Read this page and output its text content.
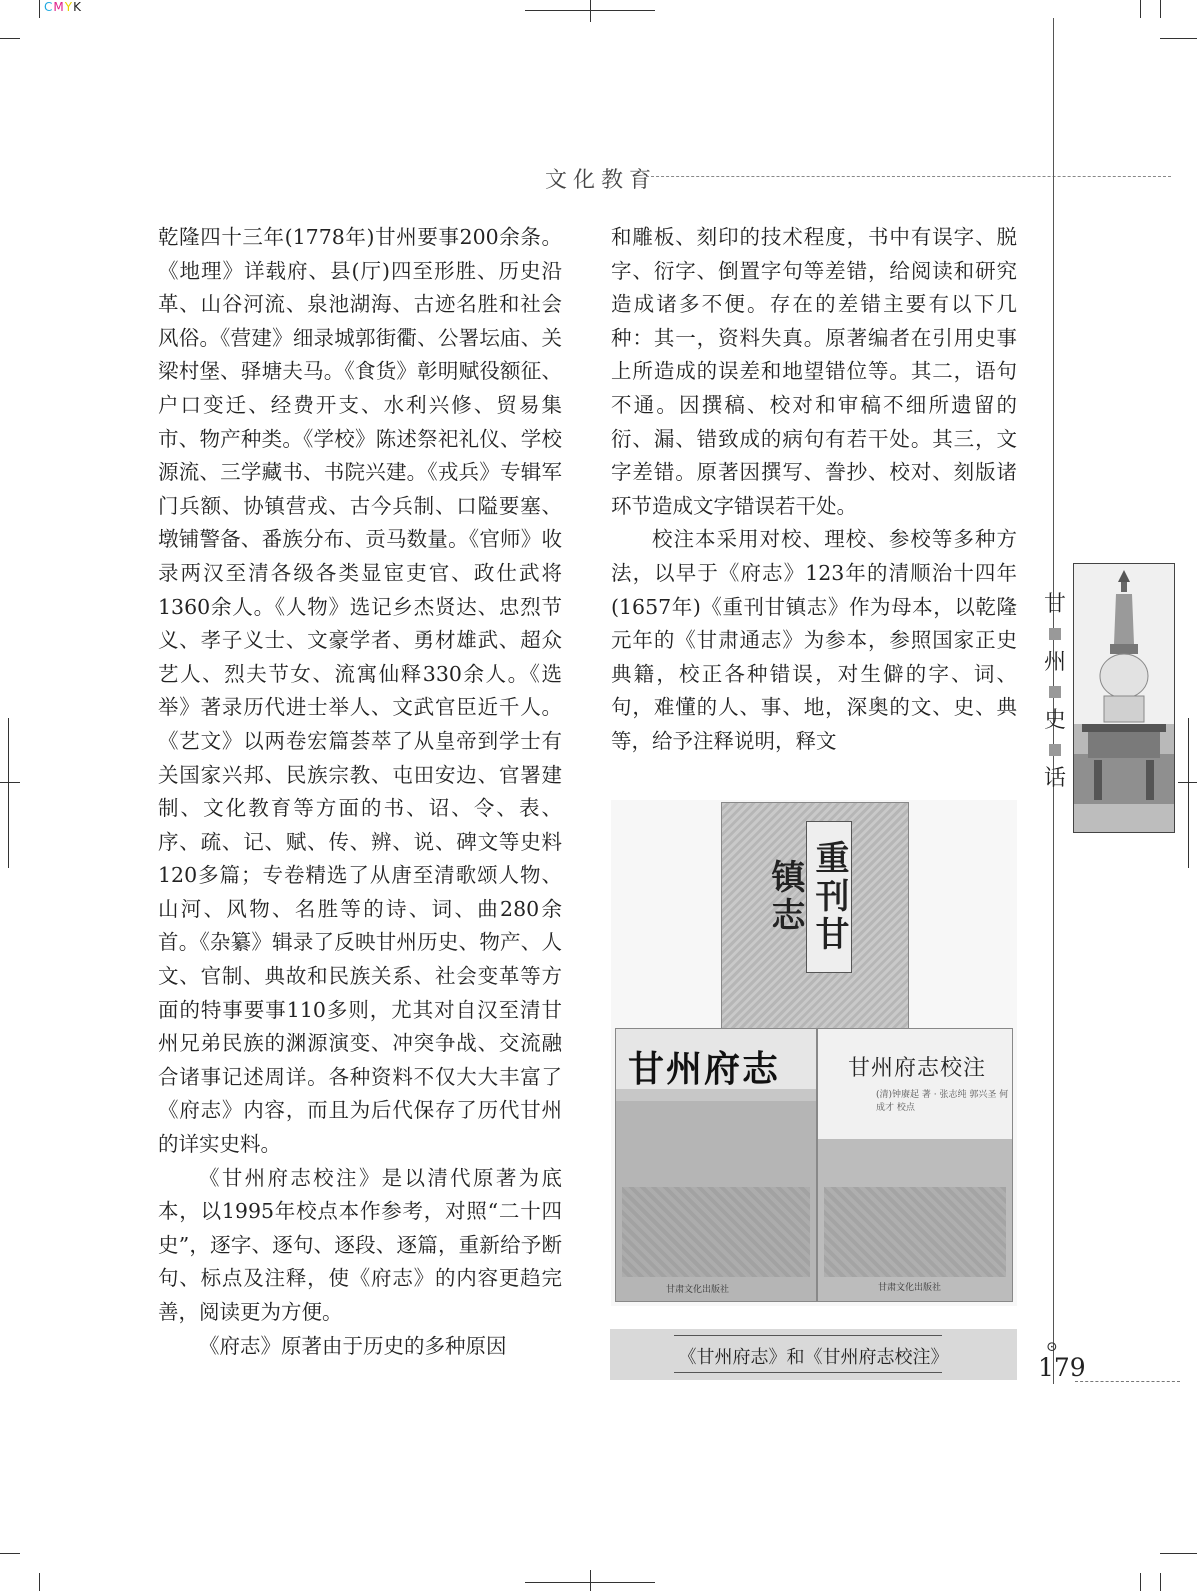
CMYK
文化教育

乾隆四十三年(1778年)甘州要事200余条。《地理》详载府、县(厅)四至形胜、历史沿革、山谷河流、泉池湖海、古迹名胜和社会风俗。《营建》细录城郭街衢、公署坛庙、关梁村堡、驿塘夫马。《食货》彰明赋役额征、户口变迁、经费开支、水利兴修、贸易集市、物产种类。《学校》陈述祭祀礼仪、学校源流、三学藏书、书院兴建。《戎兵》专辑军门兵额、协镇营戎、古今兵制、口隘要塞、墩铺警备、番族分布、贡马数量。《官师》收录两汉至清各级各类显宦吏官、政仕武将1360余人。《人物》选记乡杰贤达、忠烈节义、孝子义士、文豪学者、勇材雄武、超众艺人、烈夫节女、流寓仙释330余人。《选举》著录历代进士举人、文武官臣近千人。《艺文》以两卷宏篇荟萃了从皇帝到学士有关国家兴邦、民族宗教、屯田安边、官署建制、文化教育等方面的书、诏、令、表、序、疏、记、赋、传、辨、说、碑文等史料120多篇；专卷精选了从唐至清歌颂人物、山河、风物、名胜等的诗、词、曲280余首。《杂纂》辑录了反映甘州历史、物产、人文、官制、典故和民族关系、社会变革等方面的特事要事110多则，尤其对自汉至清甘州兄弟民族的渊源演变、冲突争战、交流融合诸事记述周详。各种资料不仅大大丰富了《府志》内容，而且为后代保存了历代甘州的详实史料。

《甘州府志校注》是以清代原著为底本，以1995年校点本作参考，对照“二十四史”，逐字、逐句、逐段、逐篇，重新给予断句、标点及注释，使《府志》的内容更趋完善，阅读更为方便。

《府志》原著由于历史的多种原因

和雕板、刻印的技术程度，书中有误字、脱字、衍字、倒置字句等差错，给阅读和研究造成诸多不便。存在的差错主要有以下几种：其一，资料失真。原著编者在引用史事上所造成的误差和地望错位等。其二，语句不通。因撰稿、校对和审稿不细所遗留的衍、漏、错致成的病句有若干处。其三，文字差错。原著因撰写、誊抄、校对、刻版诸环节造成文字错误若干处。

校注本采用对校、理校、参校等多种方法，以早于《府志》123年的清顺治十四年(1657年)《重刊甘镇志》作为母本，以乾隆元年的《甘肃通志》为参本，参照国家正史典籍，校正各种错误，对生僻的字、词、句，难懂的人、事、地，深奥的文、史、典等，给予注释说明，释文

重刊甘镇志
甘州府志
甘肃文化出版社
甘州府志校注
(清)钟赓起 著 · 张志纯 郭兴圣 何成才 校点
甘肃文化出版社
《甘州府志》和《甘州府志校注》
甘
州
史
话
⊙
179
